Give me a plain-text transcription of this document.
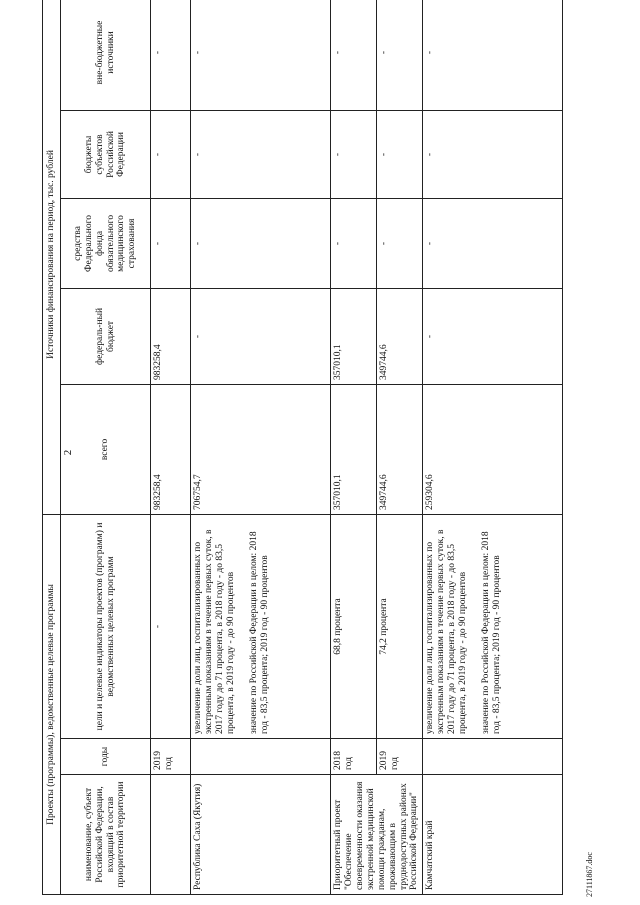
2
Проекты (программы), ведомственные целевые программы			Источники финансирования на период, тыс. рублей				
наименование, субъект Российской Федерации, входящий в состав приоритетной территории	годы	цели и целевые индикаторы проектов (программ) и ведомственных целевых программ	всего	федераль-ный бюджет	средства Федерального фонда обязательного медицинского страхования	бюджеты субъектов Российской Федерации	вне-бюджетные источники
	2019 год	-	983258,4	983258,4	-	-	-
Республика Саха (Якутия)		увеличение доли лиц, госпитализированных по экстренным показаниям в течение первых суток, в 2017 году до 71 процента, в 2018 году - до 83,5 процента, в 2019 году - до 90 процентов значение по Российской Федерации в целом: 2018 год - 83,5 процента; 2019 год - 90 процентов	706754,7	-	-	-	-
Приоритетный проект "Обеспечение своевременности оказания экстренной медицинской помощи гражданам, проживающим в труднодоступных районах Российской Федерации"	2018 год	68,8 процента	357010,1	357010,1	-	-	-
	2019 год	74,2 процента	349744,6	349744,6	-	-	-
Камчатский край		увеличение доли лиц, госпитализированных по экстренным показаниям в течение первых суток, в 2017 году до 71 процента, в 2018 году - до 83,5 процента, в 2019 году - до 90 процентов значение по Российской Федерации в целом: 2018 год - 83,5 процента; 2019 год - 90 процентов	259304,6	-	-	-	-
27111867.doc
